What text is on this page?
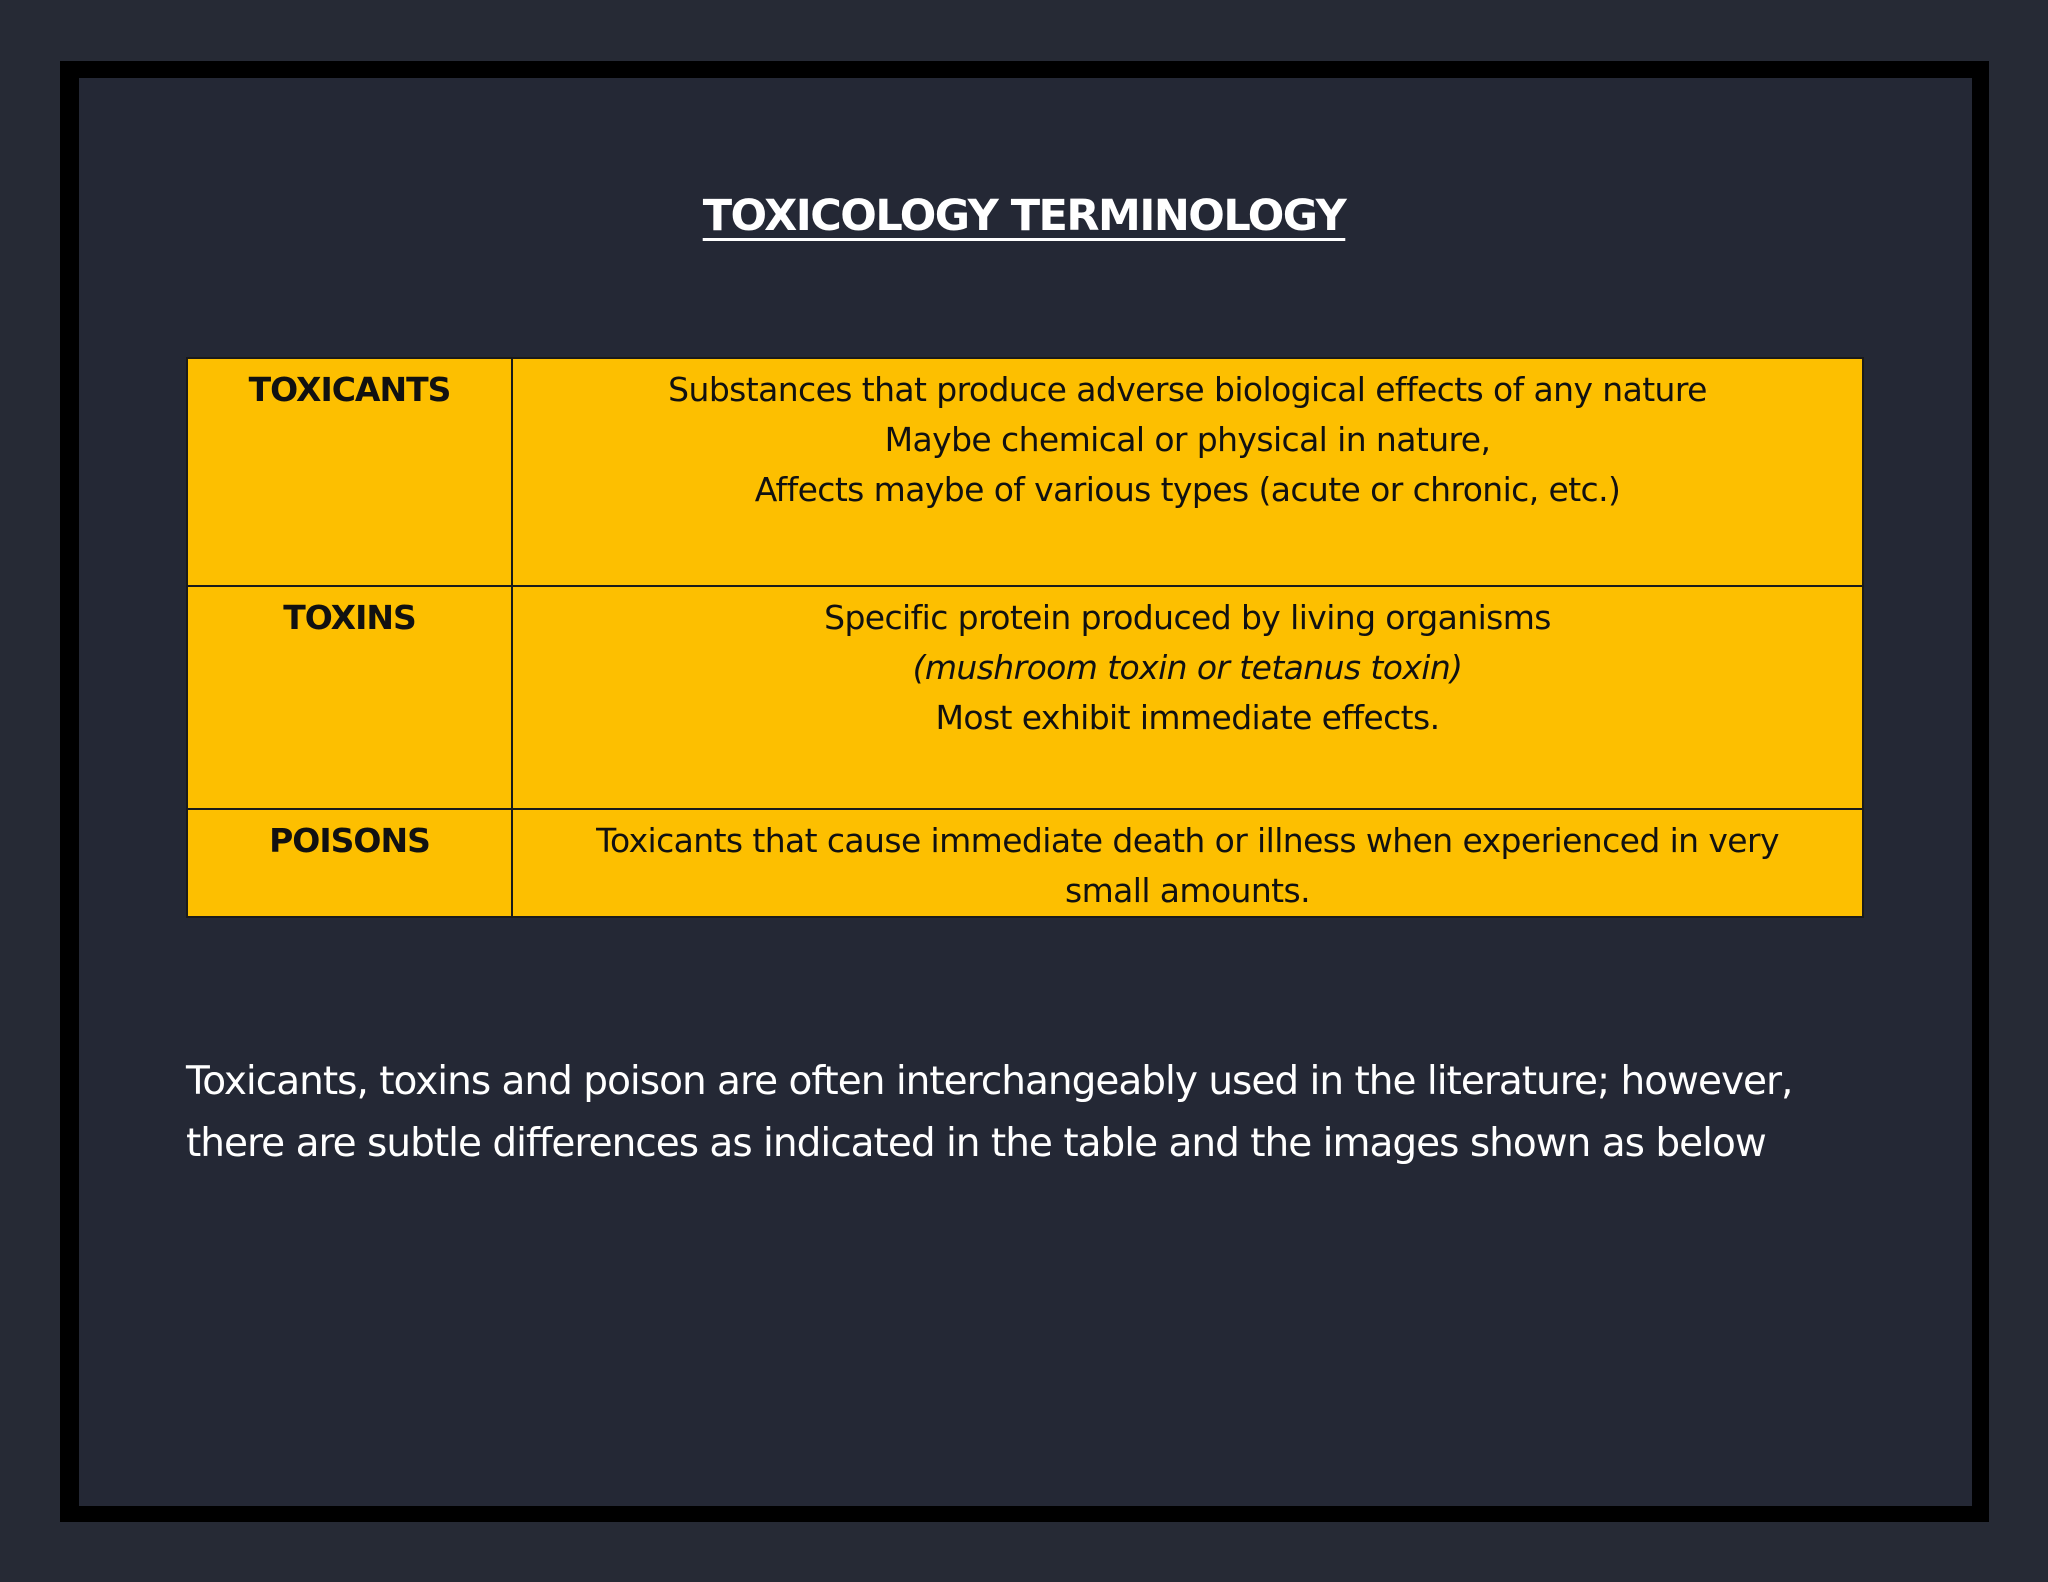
TOXICOLOGY TERMINOLOGY
TOXICANTS	Substances that produce adverse biological effects of any nature
Maybe chemical or physical in nature,
Affects maybe of various types (acute or chronic, etc.)

TOXINS	Specific protein produced by living organisms
(mushroom toxin or tetanus toxin)
Most exhibit immediate effects.

POISONS	Toxicants that cause immediate death or illness when experienced in very
small amounts.
Toxicants, toxins and poison are often interchangeably used in the literature; however,
there are subtle differences as indicated in the table and the images shown as below
